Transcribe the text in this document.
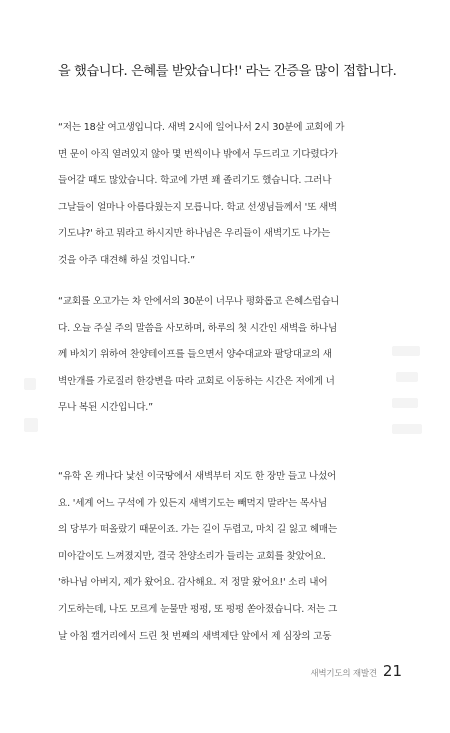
을 했습니다. 은혜를 받았습니다!' 라는 간증을 많이 접합니다.
“저는 18살 여고생입니다. 새벽 2시에 일어나서 2시 30분에 교회에 가
면 문이 아직 열려있지 않아 몇 번씩이나 밖에서 두드리고 기다렸다가
들어갈 때도 많았습니다. 학교에 가면 꽤 졸리기도 했습니다. 그러나
그날들이 얼마나 아름다웠는지 모릅니다. 학교 선생님들께서 '또 새벽
기도냐?' 하고 뭐라고 하시지만 하나님은 우리들이 새벽기도 나가는
것을 아주 대견해 하실 것입니다.”
“교회를 오고가는 차 안에서의 30분이 너무나 평화롭고 은혜스럽습니
다. 오늘 주실 주의 말씀을 사모하며, 하루의 첫 시간인 새벽을 하나님
께 바치기 위하여 찬양테이프를 들으면서 양수대교와 팔당대교의 새
벽안개를 가로질러 한강변을 따라 교회로 이동하는 시간은 저에게 너
무나 복된 시간입니다.”
“유학 온 캐나다 낯선 이국땅에서 새벽부터 지도 한 장만 들고 나섰어
요. '세계 어느 구석에 가 있든지 새벽기도는 빼먹지 말라'는 목사님
의 당부가 떠올랐기 때문이죠. 가는 길이 두렵고, 마치 길 잃고 헤매는
미아같이도 느껴졌지만, 결국 찬양소리가 들리는 교회를 찾았어요.
'하나님 아버지, 제가 왔어요. 감사해요. 저 정말 왔어요!' 소리 내어
기도하는데, 나도 모르게 눈물만 펑펑, 또 펑펑 쏟아졌습니다. 저는 그
날 아침 캘거리에서 드린 첫 번째의 새벽제단 앞에서 제 심장의 고동
새벽기도의 재발견 21
